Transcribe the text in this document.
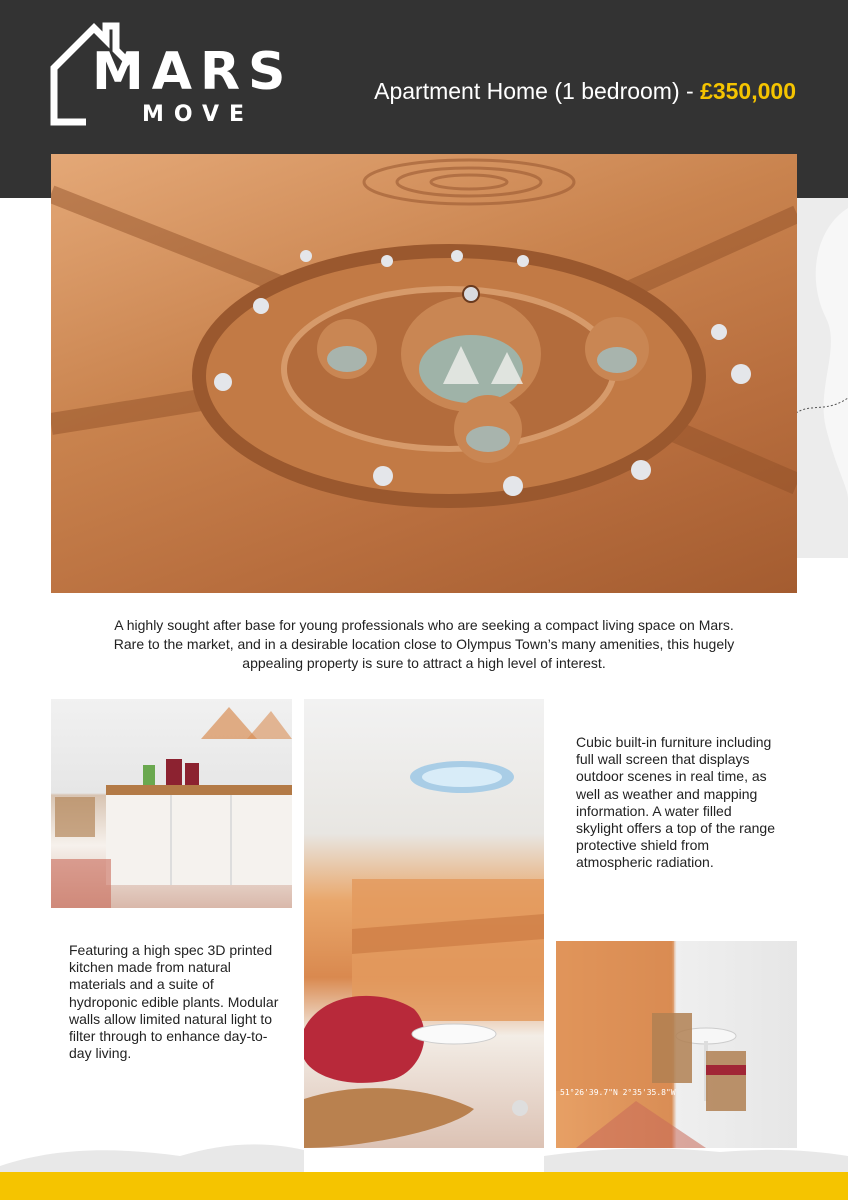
MARS
MOVE
Apartment Home (1 bedroom) - £350,000
A highly sought after base for young professionals who are seeking a compact living space on Mars. Rare to the market, and in a desirable location close to Olympus Town’s many amenities, this hugely appealing property is sure to attract a high level of interest.
Cubic built-in furniture including full wall screen that displays outdoor scenes in real time, as well as weather and mapping information. A water filled skylight offers a top of the range protective shield from atmospheric radiation.
51°26'39.7"N 2°35'35.8"W
Featuring a high spec 3D printed kitchen made from natural materials and a suite of hydroponic edible plants. Modular walls allow limited natural light to filter through to enhance day-to-day living.
